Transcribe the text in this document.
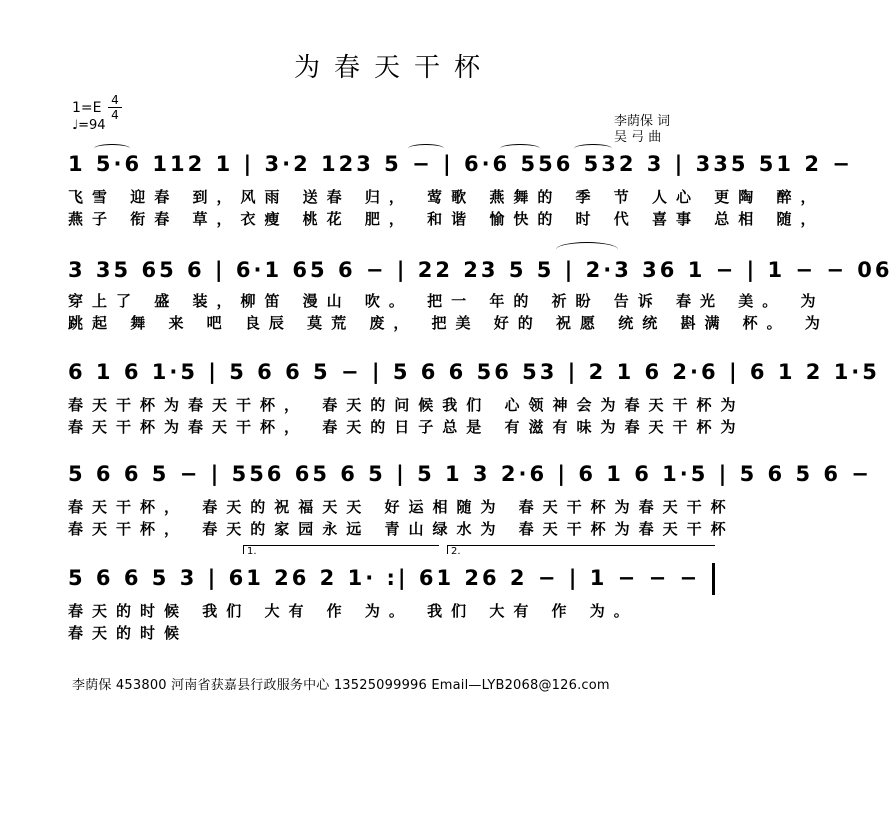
为春天干杯
1=E 4
4
♩=94	李荫保 词
吴 弓 曲
1 5·6 112 1 | 3·2 123 5 − | 6·6 556 532 3 | 335 51 2 −
飞雪 迎春 到，风雨 送春 归， 莺歌 燕舞的 季 节 人心 更陶 醉，
燕子 衔春 草，衣瘦 桃花 肥， 和谐 愉快的 时 代 喜事 总相 随，
3 35 65 6 | 6·1 65 6 − | 22 23 5 5 | 2·3 36 1 − | 1 − − 06
穿上了 盛 装，柳笛 漫山 吹。 把一 年的 祈盼 告诉 春光 美。 为
跳起 舞 来 吧 良辰 莫荒 废， 把美 好的 祝愿 统统 斟满 杯。 为
6 1 6 1·5 | 5 6 6 5 − | 5 6 6 56 53 | 2 1 6 2·6 | 6 1 2 1·5
春天干杯为春天干杯， 春天的问候我们 心领神会为春天干杯为
春天干杯为春天干杯， 春天的日子总是 有滋有味为春天干杯为
5 6 6 5 − | 556 65 6 5 | 5 1 3 2·6 | 6 1 6 1·5 | 5 6 5 6 −
春天干杯， 春天的祝福天天 好运相随为 春天干杯为春天干杯
春天干杯， 春天的家园永远 青山绿水为 春天干杯为春天干杯
1.	2.
5 6 6 5 3 | 61 26 2 1· :| 61 26 2 − | 1 − − −
春天的时候 我们 大有 作 为。 我们 大有 作 为。
春天的时候
李荫保 453800 河南省获嘉县行政服务中心 13525099996 Email—LYB2068@126.com
